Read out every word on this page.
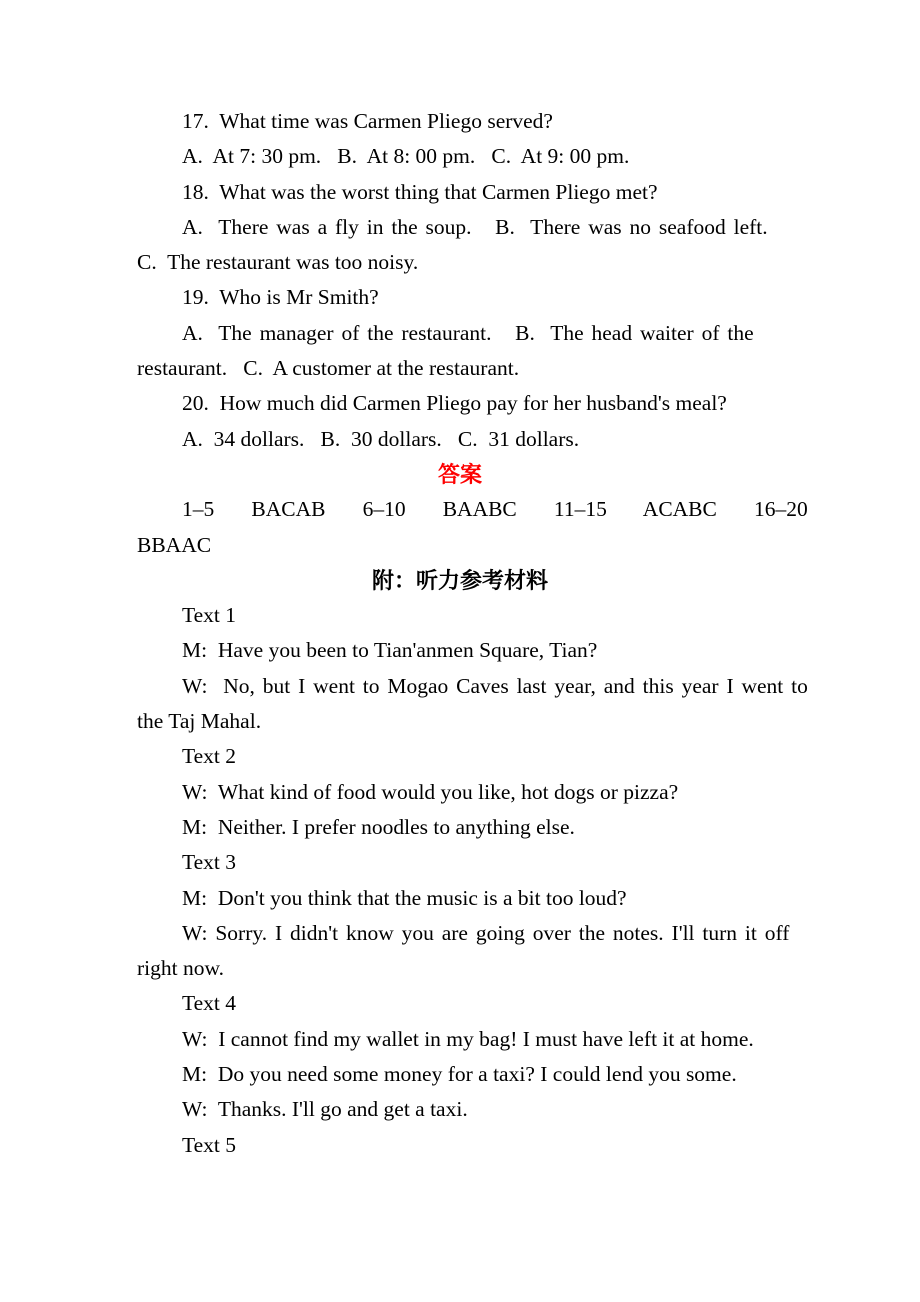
17.  What time was Carmen Pliego served?

A.  At 7: 30 pm.   B.  At 8: 00 pm.   C.  At 9: 00 pm.

18.  What was the worst thing that Carmen Pliego met?

A.  There was a fly in the soup.   B.  There was no seafood left.

C.  The restaurant was too noisy.

19.  Who is Mr Smith?

A.  The manager of the restaurant.   B.  The head waiter of the

restaurant.   C.  A customer at the restaurant.

20.  How much did Carmen Pliego pay for her husband's meal?

A.  34 dollars.   B.  30 dollars.   C.  31 dollars.

答案

1–5   BACAB   6–10   BAABC   11–15   ACABC   16–20

BBAAC

附：听力参考材料

Text 1

M:  Have you been to Tian'anmen Square, Tian?

W:  No, but I went to Mogao Caves last year, and this year I went to

the Taj Mahal.

Text 2

W:  What kind of food would you like, hot dogs or pizza?

M:  Neither. I prefer noodles to anything else.

Text 3

M:  Don't you think that the music is a bit too loud?

W: Sorry. I didn't know you are going over the notes. I'll turn it off

right now.

Text 4

W:  I cannot find my wallet in my bag! I must have left it at home.

M:  Do you need some money for a taxi? I could lend you some.

W:  Thanks. I'll go and get a taxi.

Text 5
